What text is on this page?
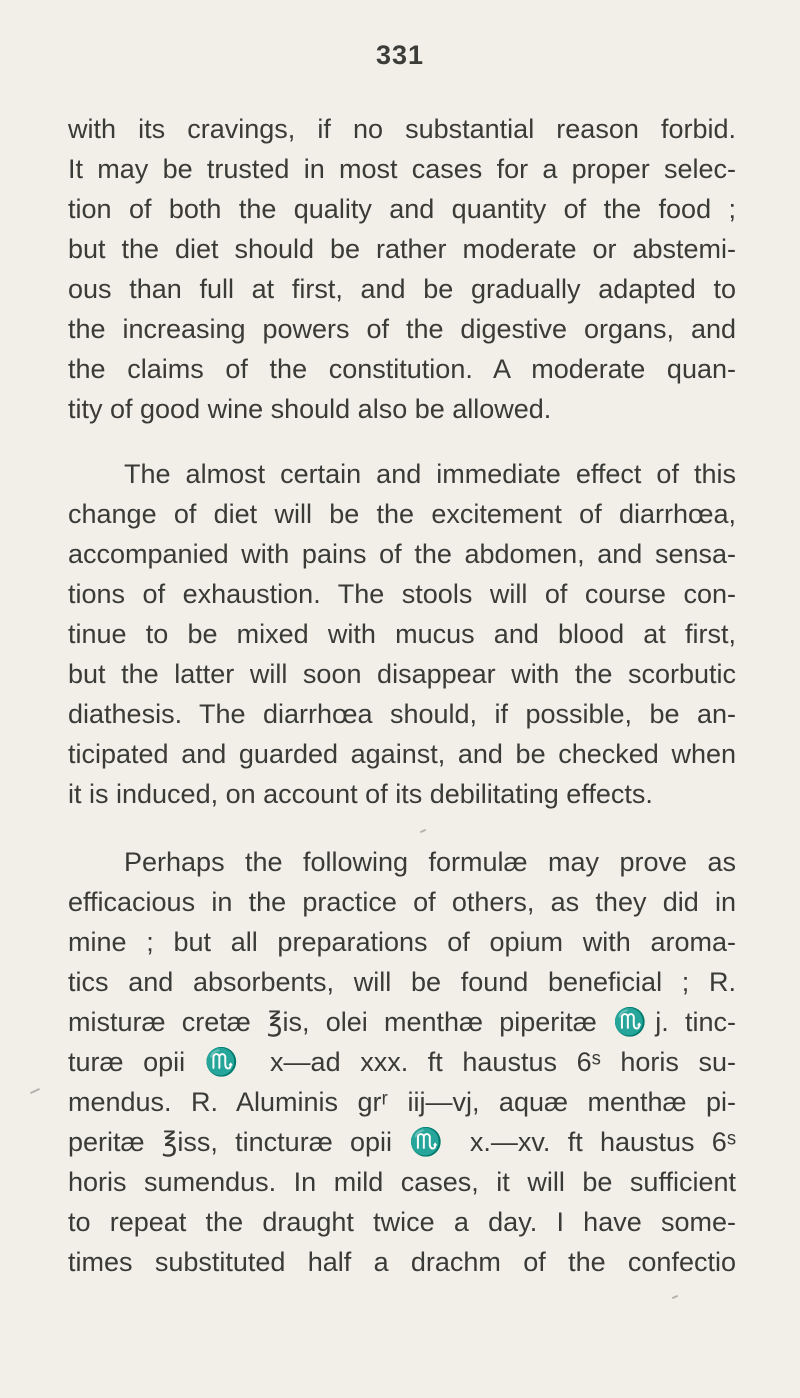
331
with its cravings, if no substantial reason forbid.
It may be trusted in most cases for a proper selec-
tion of both the quality and quantity of the food ;
but the diet should be rather moderate or abstemi-
ous than full at first, and be gradually adapted to
the increasing powers of the digestive organs, and
the claims of the constitution. A moderate quan-
tity of good wine should also be allowed.
The almost certain and immediate effect of this
change of diet will be the excitement of diarrhœa,
accompanied with pains of the abdomen, and sensa-
tions of exhaustion. The stools will of course con-
tinue to be mixed with mucus and blood at first,
but the latter will soon disappear with the scorbutic
diathesis. The diarrhœa should, if possible, be an-
ticipated and guarded against, and be checked when
it is induced, on account of its debilitating effects.
Perhaps the following formulæ may prove as
efficacious in the practice of others, as they did in
mine ; but all preparations of opium with aroma-
tics and absorbents, will be found beneficial ; R.
misturæ cretæ ℥is, olei menthæ piperitæ ♏j. tinc-
turæ opii ♏ x—ad xxx. ft haustus 6ˢ horis su-
mendus. R. Aluminis grʳ iij—vj, aquæ menthæ pi-
peritæ ℥iss, tincturæ opii ♏ x.—xv. ft haustus 6ˢ
horis sumendus. In mild cases, it will be sufficient
to repeat the draught twice a day. I have some-
times substituted half a drachm of the confectio
